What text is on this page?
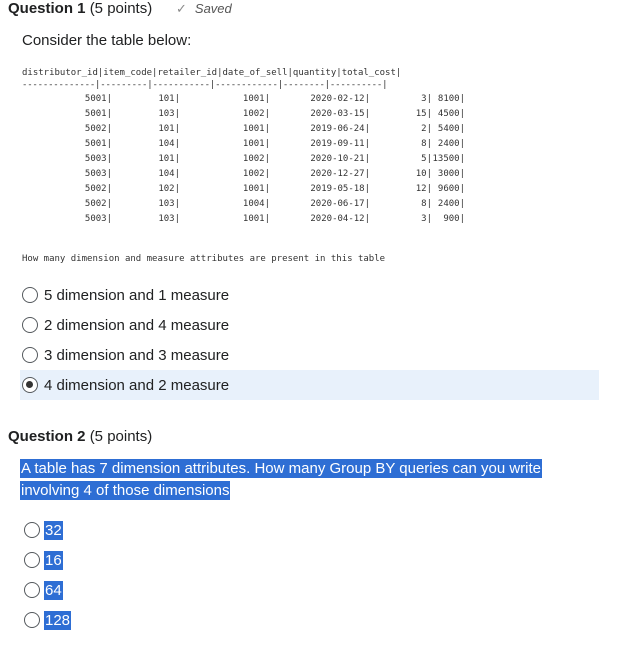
Question 1 (5 points) ✓ Saved
Consider the table below:
distributor_id|item_code|retailer_id|date_of_sell|quantity|total_cost|
--------------|---------|-----------|------------|--------|----------|
5001|	101|	1001|	2020-02-12|	3| 8100|
5001|	103|	1002|	2020-03-15|	15| 4500|
5002|	101|	1001|	2019-06-24|	2| 5400|
5001|	104|	1001|	2019-09-11|	8| 2400|
5003|	101|	1002|	2020-10-21|	5| 13500|
5003|	104|	1002|	2020-12-27|	10| 3000|
5002|	102|	1001|	2019-05-18|	12| 9600|
5002|	103|	1004|	2020-06-17|	8| 2400|
5003|	103|	1001|	2020-04-12|	3|	900|
How many dimension and measure attributes are present in this table
5 dimension and 1 measure
2 dimension and 4 measure
3 dimension and 3 measure
4 dimension and 2 measure
Question 2 (5 points)
A table has 7 dimension attributes. How many Group BY queries can you write
involving 4 of those dimensions
32
16
64
128
